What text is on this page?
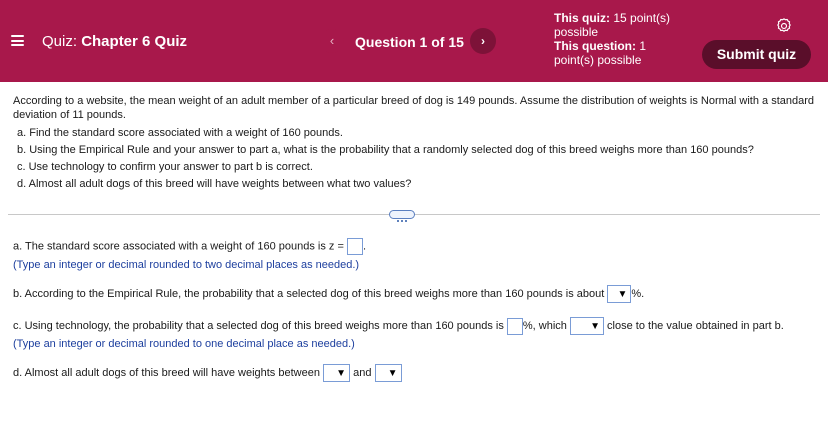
Quiz: Chapter 6 Quiz	‹	Question 1 of 15	›
This quiz: 15 point(s) possible
This question: 1 point(s) possible	Submit quiz

According to a website, the mean weight of an adult member of a particular breed of dog is 149 pounds. Assume the distribution of weights is Normal with a standard deviation of 11 pounds.

a. Find the standard score associated with a weight of 160 pounds.
b. Using the Empirical Rule and your answer to part a, what is the probability that a randomly selected dog of this breed weighs more than 160 pounds?
c. Use technology to confirm your answer to part b is correct.
d. Almost all adult dogs of this breed will have weights between what two values?
a. The standard score associated with a weight of 160 pounds is z = .
(Type an integer or decimal rounded to two decimal places as needed.)
b. According to the Empirical Rule, the probability that a selected dog of this breed weighs more than 160 pounds is about ▼ %.
c. Using technology, the probability that a selected dog of this breed weighs more than 160 pounds is %, which ▼ close to the value obtained in part b.
(Type an integer or decimal rounded to one decimal place as needed.)
d. Almost all adult dogs of this breed will have weights between ▼ and ▼
